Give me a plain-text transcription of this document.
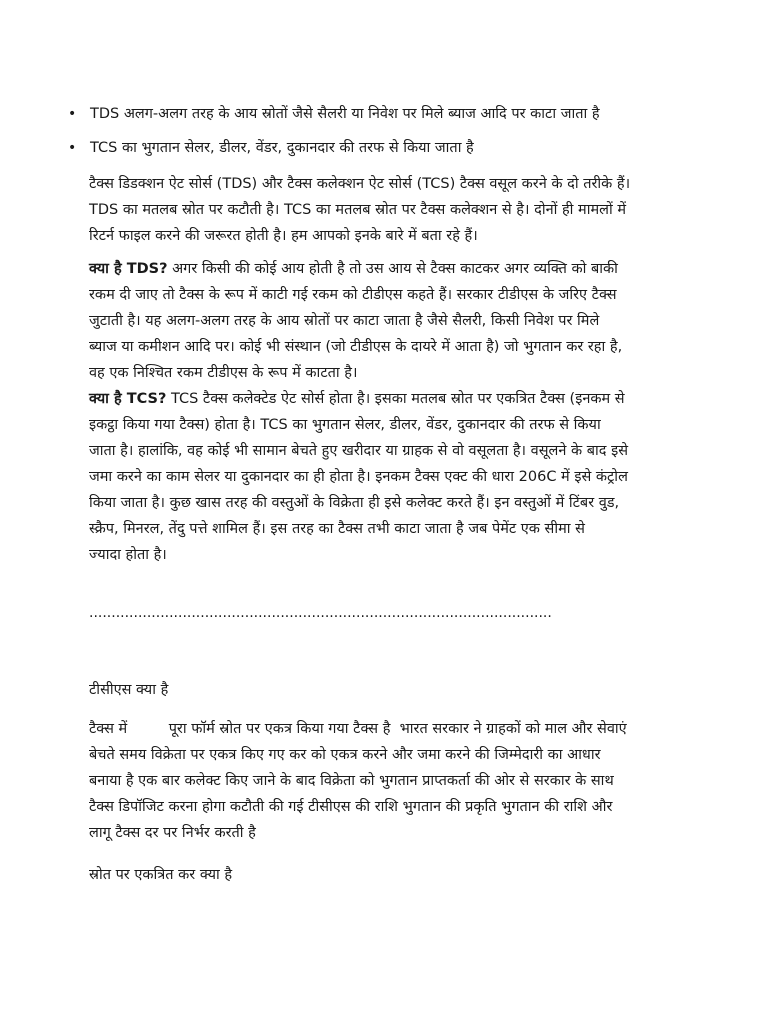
• TDS अलग-अलग तरह के आय स्रोतों जैसे सैलरी या निवेश पर मिले ब्याज आदि पर काटा जाता है
• TCS का भुगतान सेलर, डीलर, वेंडर, दुकानदार की तरफ से किया जाता है

टैक्स डिडक्शन ऐट सोर्स (TDS) और टैक्स कलेक्शन ऐट सोर्स (TCS) टैक्स वसूल करने के दो तरीके हैं।
TDS का मतलब स्रोत पर कटौती है। TCS का मतलब स्रोत पर टैक्स कलेक्शन से है। दोनों ही मामलों में
रिटर्न फाइल करने की जरूरत होती है। हम आपको इनके बारे में बता रहे हैं।

क्या है TDS? अगर किसी की कोई आय होती है तो उस आय से टैक्स काटकर अगर व्यक्ति को बाकी
रकम दी जाए तो टैक्स के रूप में काटी गई रकम को टीडीएस कहते हैं। सरकार टीडीएस के जरिए टैक्स
जुटाती है। यह अलग-अलग तरह के आय स्रोतों पर काटा जाता है जैसे सैलरी, किसी निवेश पर मिले
ब्याज या कमीशन आदि पर। कोई भी संस्थान (जो टीडीएस के दायरे में आता है) जो भुगतान कर रहा है,
वह एक निश्चित रकम टीडीएस के रूप में काटता है।

क्या है TCS? TCS टैक्स कलेक्टेड ऐट सोर्स होता है। इसका मतलब स्रोत पर एकत्रित टैक्स (इनकम से
इकट्ठा किया गया टैक्स) होता है। TCS का भुगतान सेलर, डीलर, वेंडर, दुकानदार की तरफ से किया
जाता है। हालांकि, वह कोई भी सामान बेचते हुए खरीदार या ग्राहक से वो वसूलता है। वसूलने के बाद इसे
जमा करने का काम सेलर या दुकानदार का ही होता है। इनकम टैक्स एक्ट की धारा 206C में इसे कंट्रोल
किया जाता है। कुछ खास तरह की वस्तुओं के विक्रेता ही इसे कलेक्ट करते हैं। इन वस्तुओं में टिंबर वुड,
स्क्रैप, मिनरल, तेंदु पत्ते शामिल हैं। इस तरह का टैक्स तभी काटा जाता है जब पेमेंट एक सीमा से
ज्यादा होता है।

........................................................................................................
टीसीएस क्या है

टैक्स में         पूरा फॉर्म स्रोत पर एकत्र किया गया टैक्स है  भारत सरकार ने ग्राहकों को माल और सेवाएं
बेचते समय विक्रेता पर एकत्र किए गए कर को एकत्र करने और जमा करने की जिम्मेदारी का आधार
बनाया है एक बार कलेक्ट किए जाने के बाद विक्रेता को भुगतान प्राप्तकर्ता की ओर से सरकार के साथ
टैक्स डिपॉजिट करना होगा कटौती की गई टीसीएस की राशि भुगतान की प्रकृति भुगतान की राशि और
लागू टैक्स दर पर निर्भर करती है

स्रोत पर एकत्रित कर क्या है
